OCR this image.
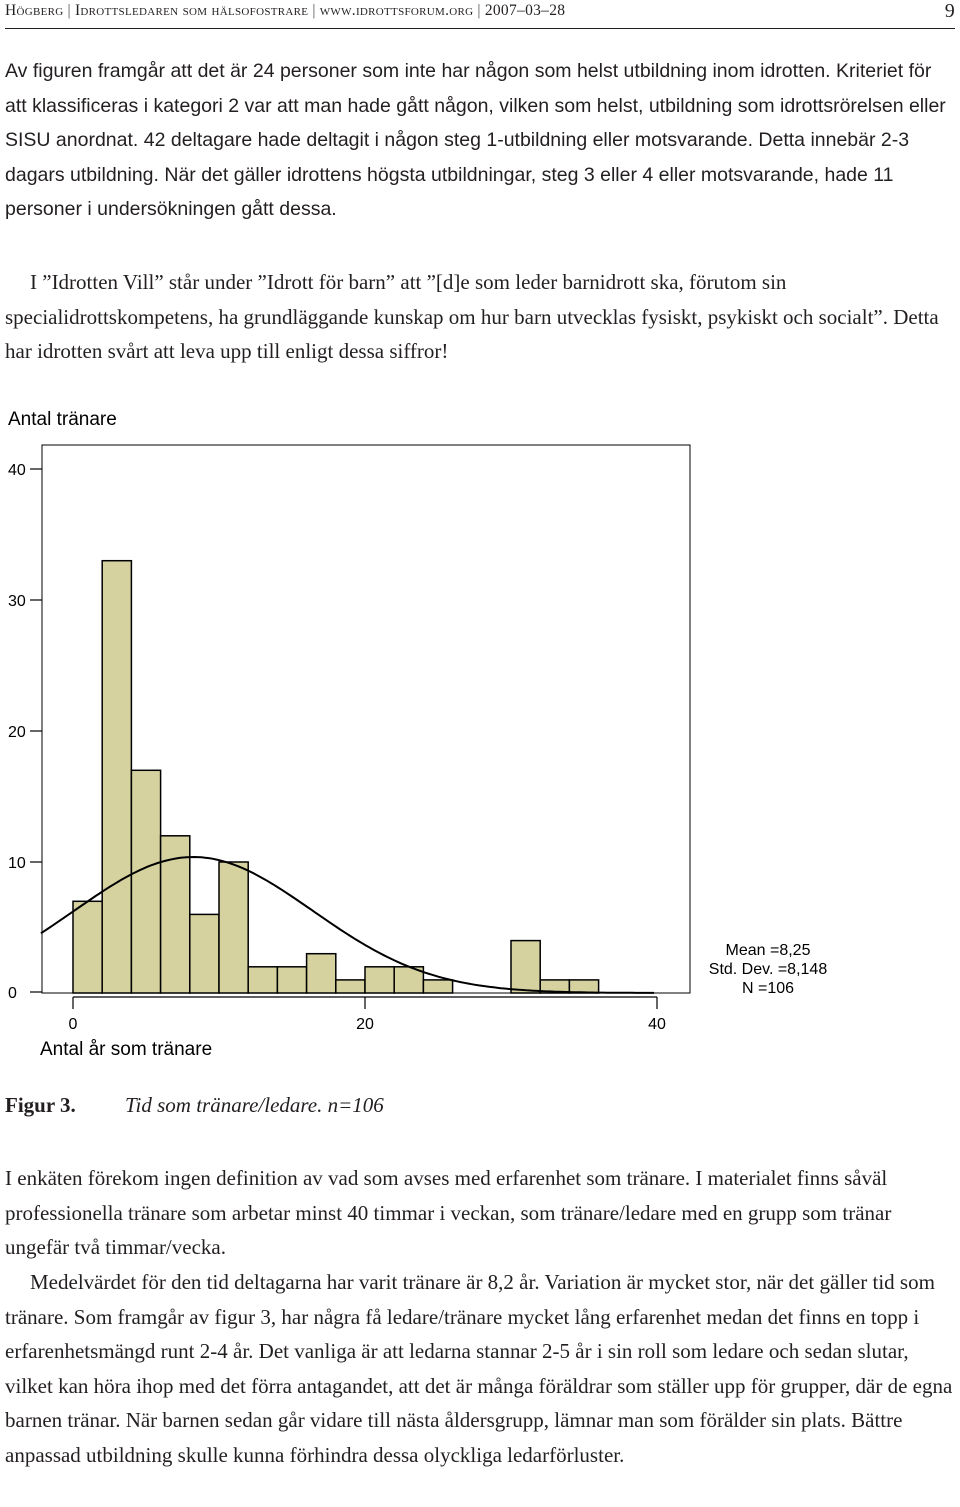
Högberg | Idrottsledaren som hälsofostrare | www.idrottsforum.org | 2007–03–28	9

Av figuren framgår att det är 24 personer som inte har någon som helst utbildning inom idrotten. Kriteriet för att klassificeras i kategori 2 var att man hade gått någon, vilken som helst, utbildning som idrottsrörelsen eller SISU anordnat. 42 deltagare hade deltagit i någon steg 1-utbildning eller motsvarande. Detta innebär 2-3 dagars utbildning. När det gäller idrottens högsta utbildningar, steg 3 eller 4 eller motsvarande, hade 11 personer i undersökningen gått dessa.

I ”Idrotten Vill” står under ”Idrott för barn” att ”[d]e som leder barnidrott ska, förutom sin specialidrottskompetens, ha grundläggande kunskap om hur barn utvecklas fysiskt, psykiskt och socialt”. Detta har idrotten svårt att leva upp till enligt dessa siffror!

Antal tränare
0
10
20
30
40
0	20	40
Antal år som tränare
Mean =8,25
Std. Dev. =8,148
N =106
Figur 3. Tid som tränare/ledare. n=106

I enkäten förekom ingen definition av vad som avses med erfarenhet som tränare. I materialet finns såväl professionella tränare som arbetar minst 40 timmar i veckan, som tränare/ledare med en grupp som tränar ungefär två timmar/vecka.

Medelvärdet för den tid deltagarna har varit tränare är 8,2 år. Variation är mycket stor, när det gäller tid som tränare. Som framgår av figur 3, har några få ledare/tränare mycket lång erfarenhet medan det finns en topp i erfarenhetsmängd runt 2-4 år. Det vanliga är att ledarna stannar 2-5 år i sin roll som ledare och sedan slutar, vilket kan höra ihop med det förra antagandet, att det är många föräldrar som ställer upp för grupper, där de egna barnen tränar. När barnen sedan går vidare till nästa åldersgrupp, lämnar man som förälder sin plats. Bättre anpassad utbildning skulle kunna förhindra dessa olyckliga ledarförluster.
